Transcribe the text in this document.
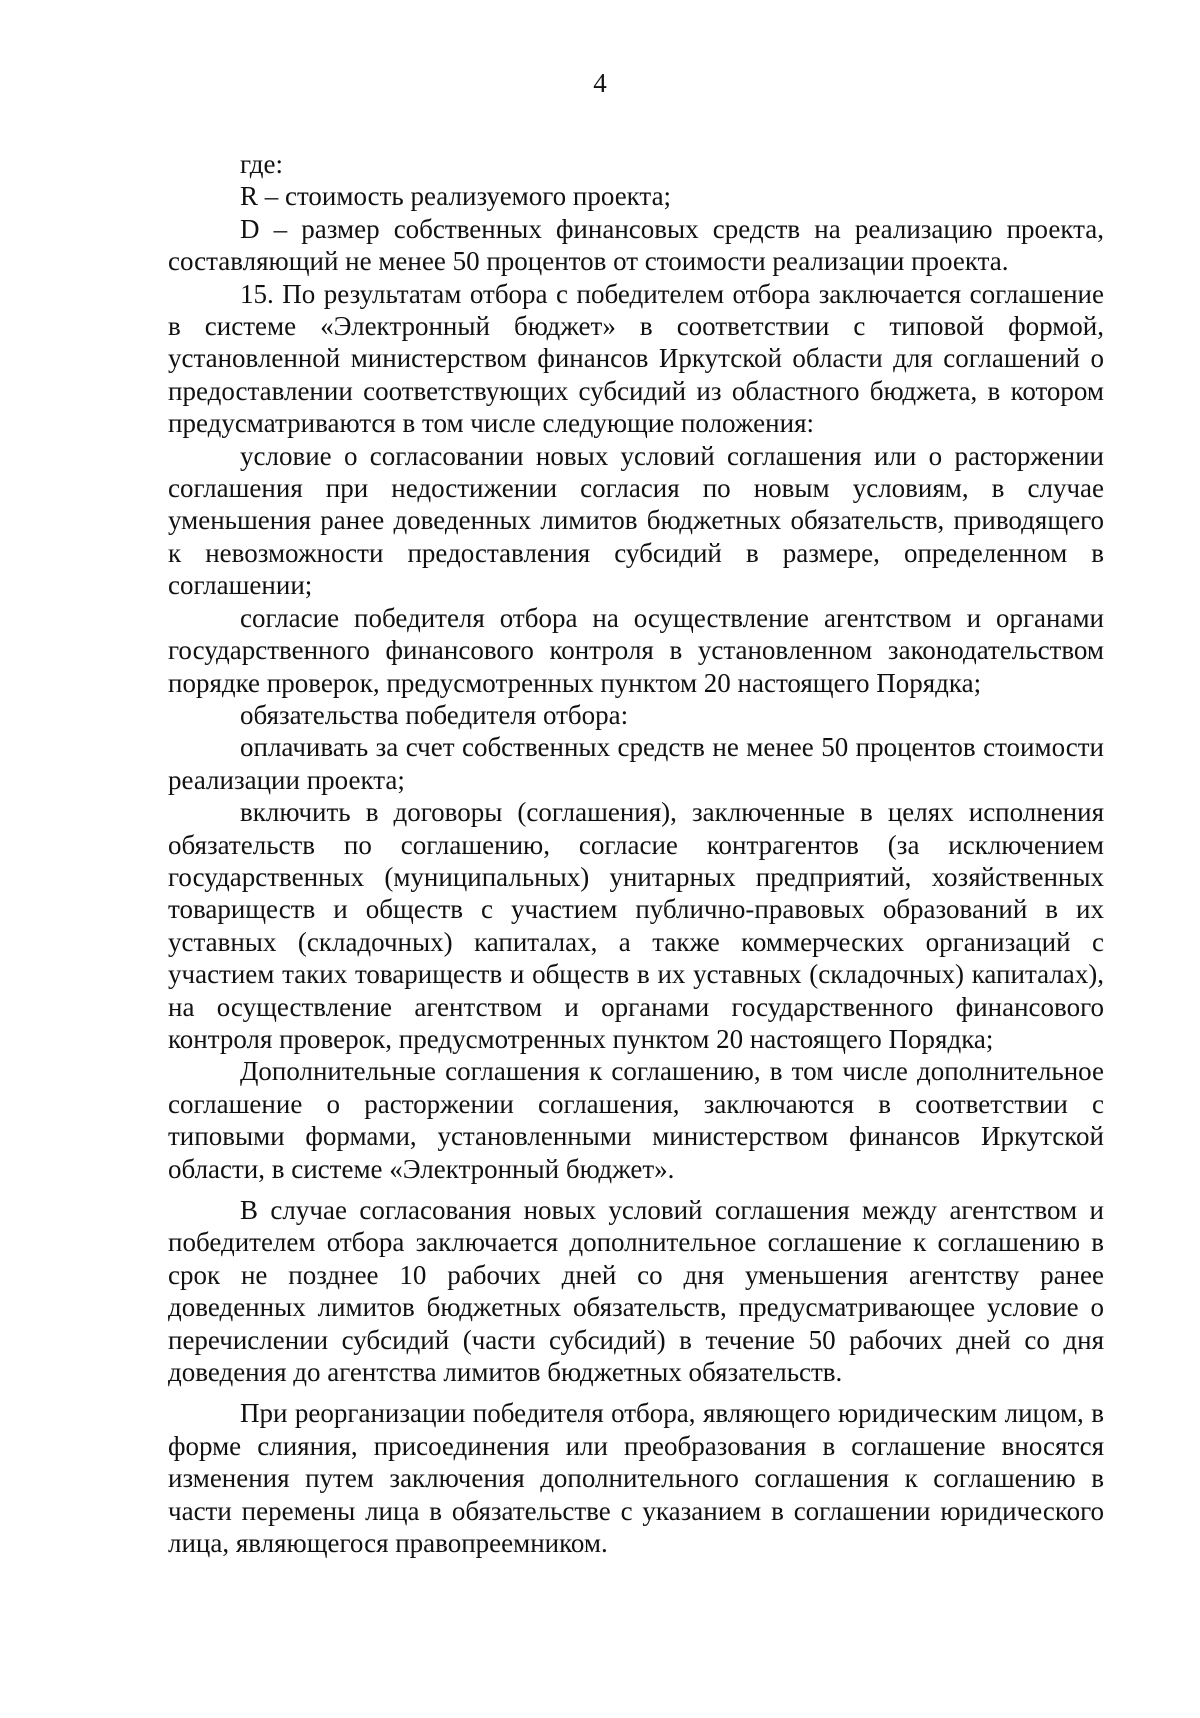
4

где:

R – стоимость реализуемого проекта;

D – размер собственных финансовых средств на реализацию проекта, составляющий не менее 50 процентов от стоимости реализации проекта.

15. По результатам отбора с победителем отбора заключается соглашение в системе «Электронный бюджет» в соответствии с типовой формой, установленной министерством финансов Иркутской области для соглашений о предоставлении соответствующих субсидий из областного бюджета, в котором предусматриваются в том числе следующие положения:

условие о согласовании новых условий соглашения или о расторжении соглашения при недостижении согласия по новым условиям, в случае уменьшения ранее доведенных лимитов бюджетных обязательств, приводящего к невозможности предоставления субсидий в размере, определенном в соглашении;

согласие победителя отбора на осуществление агентством и органами государственного финансового контроля в установленном законодательством порядке проверок, предусмотренных пунктом 20 настоящего Порядка;

обязательства победителя отбора:

оплачивать за счет собственных средств не менее 50 процентов стоимости реализации проекта;

включить в договоры (соглашения), заключенные в целях исполнения обязательств по соглашению, согласие контрагентов (за исключением государственных (муниципальных) унитарных предприятий, хозяйственных товариществ и обществ с участием публично-правовых образований в их уставных (складочных) капиталах, а также коммерческих организаций с участием таких товариществ и обществ в их уставных (складочных) капиталах), на осуществление агентством и органами государственного финансового контроля проверок, предусмотренных пунктом 20 настоящего Порядка;

Дополнительные соглашения к соглашению, в том числе дополнительное соглашение о расторжении соглашения, заключаются в соответствии с типовыми формами, установленными министерством финансов Иркутской области, в системе «Электронный бюджет».

В случае согласования новых условий соглашения между агентством и победителем отбора заключается дополнительное соглашение к соглашению в срок не позднее 10 рабочих дней со дня уменьшения агентству ранее доведенных лимитов бюджетных обязательств, предусматривающее условие о перечислении субсидий (части субсидий) в течение 50 рабочих дней со дня доведения до агентства лимитов бюджетных обязательств.

При реорганизации победителя отбора, являющего юридическим лицом, в форме слияния, присоединения или преобразования в соглашение вносятся изменения путем заключения дополнительного соглашения к соглашению в части перемены лица в обязательстве с указанием в соглашении юридического лица, являющегося правопреемником.
